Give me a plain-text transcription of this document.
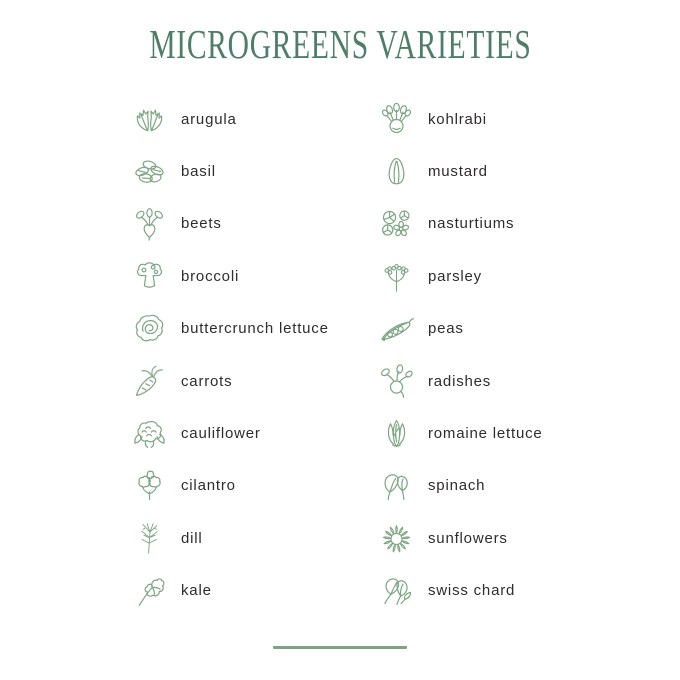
MICROGREENS VARIETIES
arugula
basil
beets
broccoli
buttercrunch lettuce
carrots
cauliflower
cilantro
dill
kale
kohlrabi
mustard
nasturtiums
parsley
peas
radishes
romaine lettuce
spinach
sunflowers
swiss chard
